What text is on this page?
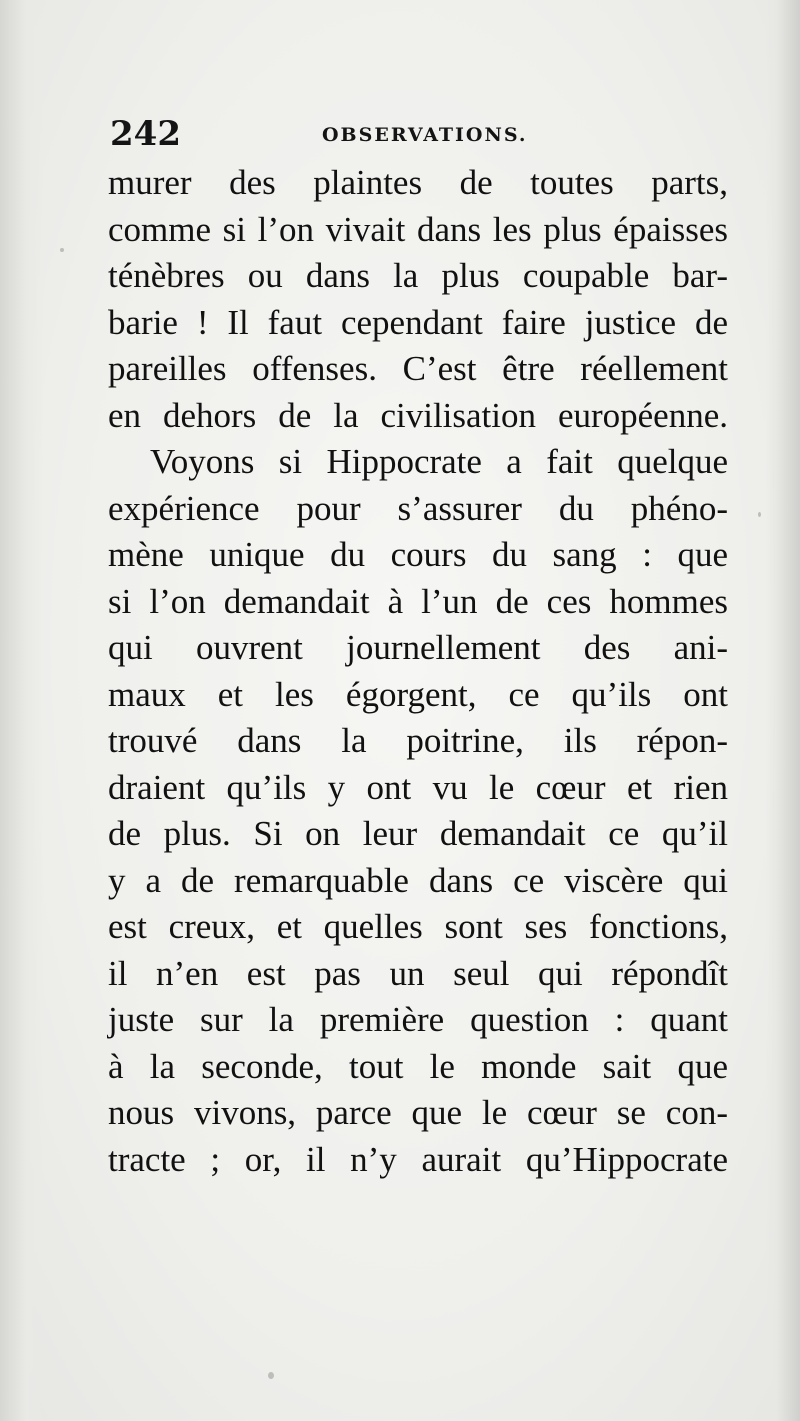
242	OBSERVATIONS.
murer des plaintes de toutes parts,
comme si l’on vivait dans les plus épaisses
ténèbres ou dans la plus coupable bar-
barie ! Il faut cependant faire justice de
pareilles offenses. C’est être réellement
en dehors de la civilisation européenne.
Voyons si Hippocrate a fait quelque
expérience pour s’assurer du phéno-
mène unique du cours du sang : que
si l’on demandait à l’un de ces hommes
qui ouvrent journellement des ani-
maux et les égorgent, ce qu’ils ont
trouvé dans la poitrine, ils répon-
draient qu’ils y ont vu le cœur et rien
de plus. Si on leur demandait ce qu’il
y a de remarquable dans ce viscère qui
est creux, et quelles sont ses fonctions,
il n’en est pas un seul qui répondît
juste sur la première question : quant
à la seconde, tout le monde sait que
nous vivons, parce que le cœur se con-
tracte ; or, il n’y aurait qu’Hippocrate
